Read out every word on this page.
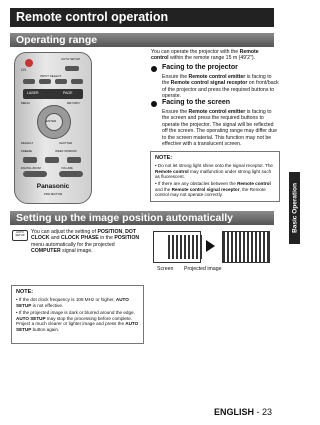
Remote control operation
Basic Operation
Operating range
O/I
AUTO SETUP
INPUT SELECT
LASER	PAGE
MENU	RETURN
ENTER
DEFAULT	SHUTTER
FREEZE	INDEX WINDOW
DIGITAL ZOOM	VOLUME
Panasonic
PROJECTOR
You can operate the projector with the Remote control within the remote range 15 m (49'2").
Facing to the projector
Ensure the Remote control emitter is facing to the Remote control signal receptor on front/back of the projector and press the required buttons to operate.
Facing to the screen
Ensure the Remote control emitter is facing to the screen and press the required buttons to operate the projector. The signal will be reflected off the screen. The operating range may differ due to the screen material. This function may not be effective with a translucent screen.
NOTE:
• Do not let strong light shine onto the signal receptor. The Remote control may malfunction under strong light such as fluorescent.
• If there are any obstacles between the Remote control and the Remote control signal receptor, the Remote control may not operate correctly.
Setting up the image position automatically
AUTO SETUP
You can adjust the setting of POSITION, DOT CLOCK and CLOCK PHASE in the POSITION menu automatically for the projected COMPUTER signal image.
Screen Projected image
NOTE:
• If the dot clock frequency is 108 MHz or higher, AUTO SETUP is not effective.
• If the projected image is dark or blurred around the edge, AUTO SETUP may stop the processing before complete. Project a much clearer or lighter image and press the AUTO SETUP button again.
ENGLISH - 23
